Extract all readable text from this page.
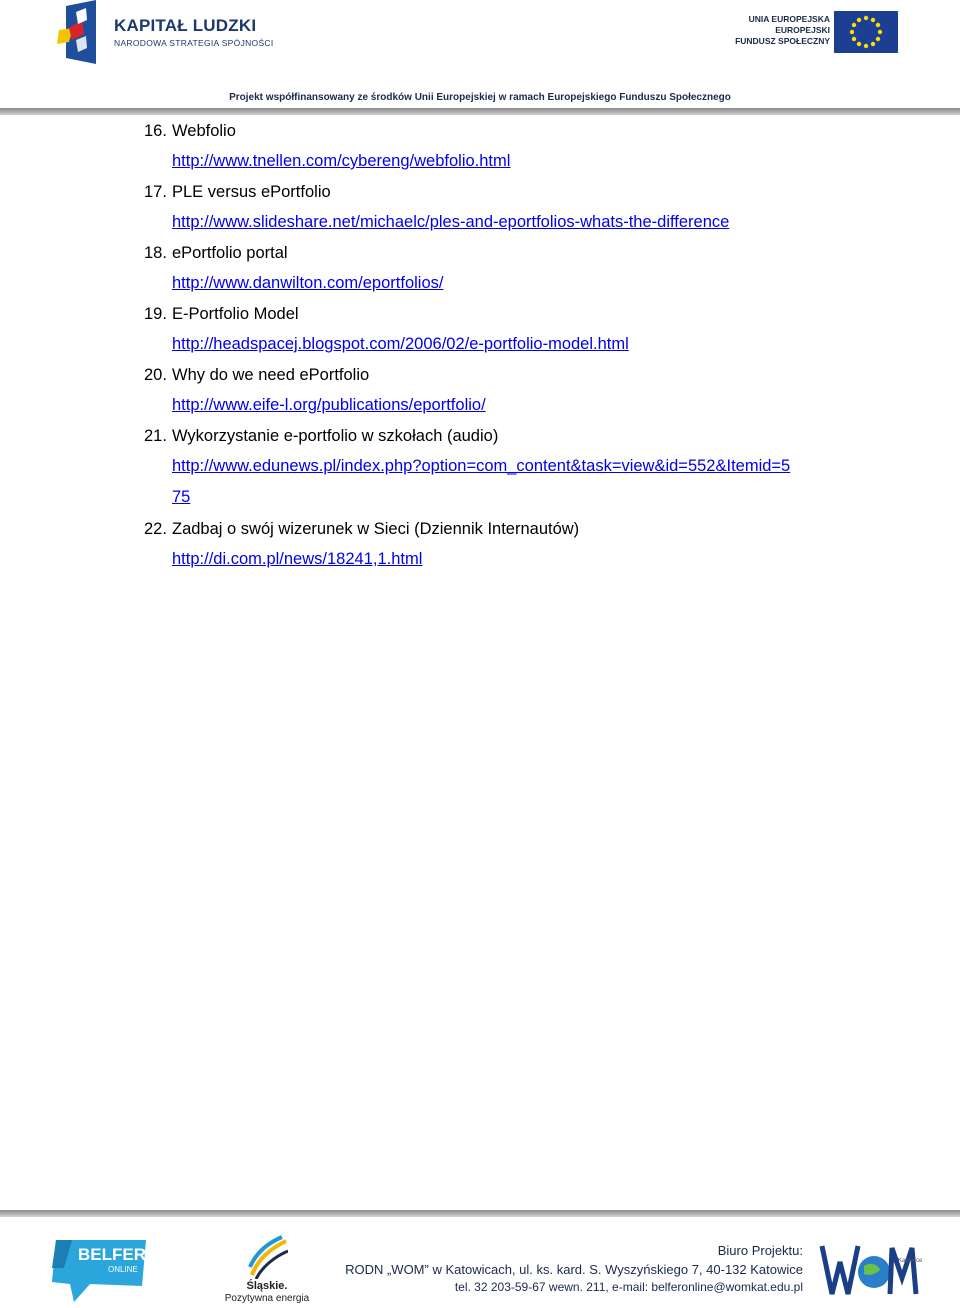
KAPITAŁ LUDZKI
NARODOWA STRATEGIA SPÓJNOŚCI
UNIA EUROPEJSKA
EUROPEJSKI
FUNDUSZ SPOŁECZNY
Projekt współfinansowany ze środków Unii Europejskiej w ramach Europejskiego Funduszu Społecznego
16. Webfolio
http://www.tnellen.com/cybereng/webfolio.html
17. PLE versus ePortfolio
http://www.slideshare.net/michaelc/ples-and-eportfolios-whats-the-difference
18. ePortfolio portal
http://www.danwilton.com/eportfolios/
19. E-Portfolio Model
http://headspacej.blogspot.com/2006/02/e-portfolio-model.html
20. Why do we need ePortfolio
http://www.eife-l.org/publications/eportfolio/
21. Wykorzystanie e-portfolio w szkołach (audio)
http://www.edunews.pl/index.php?option=com_content&task=view&id=552&Itemid=5
75
22. Zadbaj o swój wizerunek w Sieci (Dziennik Internautów)
http://di.com.pl/news/18241,1.html
BELFER
ONLINE
Śląskie.
Pozytywna energia
Biuro Projektu:
RODN „WOM” w Katowicach, ul. ks. kard. S. Wyszyńskiego 7, 40-132 Katowice
tel. 32 203-59-67 wewn. 211, e-mail: belferonline@womkat.edu.pl
Katowice
